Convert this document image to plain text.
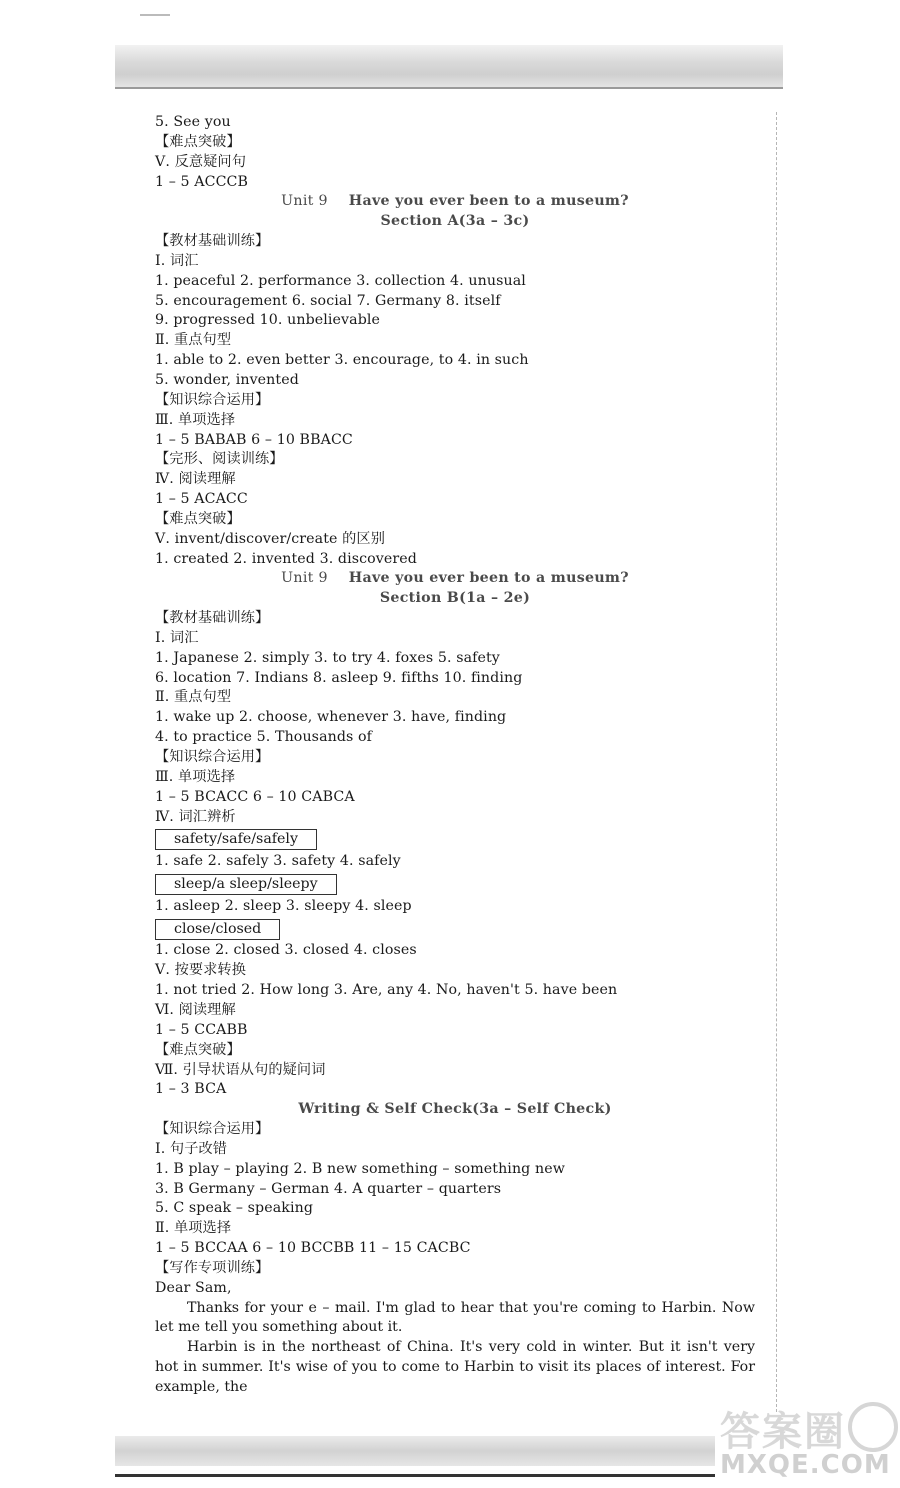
5. See you
【难点突破】
Ⅴ. 反意疑问句
1 – 5 ACCCB
Unit 9 Have you ever been to a museum?
Section A(3a – 3c)
【教材基础训练】
Ⅰ. 词汇
1. peaceful 2. performance 3. collection 4. unusual
5. encouragement 6. social 7. Germany 8. itself
9. progressed 10. unbelievable
Ⅱ. 重点句型
1. able to 2. even better 3. encourage, to 4. in such
5. wonder, invented
【知识综合运用】
Ⅲ. 单项选择
1 – 5 BABAB 6 – 10 BBACC
【完形、阅读训练】
Ⅳ. 阅读理解
1 – 5 ACACC
【难点突破】
Ⅴ. invent/discover/create 的区别
1. created 2. invented 3. discovered
Unit 9 Have you ever been to a museum?
Section B(1a – 2e)
【教材基础训练】
Ⅰ. 词汇
1. Japanese 2. simply 3. to try 4. foxes 5. safety
6. location 7. Indians 8. asleep 9. fifths 10. finding
Ⅱ. 重点句型
1. wake up 2. choose, whenever 3. have, finding
4. to practice 5. Thousands of
【知识综合运用】
Ⅲ. 单项选择
1 – 5 BCACC 6 – 10 CABCA
Ⅳ. 词汇辨析
safety/safe/safely
1. safe 2. safely 3. safety 4. safely
sleep/a sleep/sleepy
1. asleep 2. sleep 3. sleepy 4. sleep
close/closed
1. close 2. closed 3. closed 4. closes
Ⅴ. 按要求转换
1. not tried 2. How long 3. Are, any 4. No, haven't 5. have been
Ⅵ. 阅读理解
1 – 5 CCABB
【难点突破】
Ⅶ. 引导状语从句的疑问词
1 – 3 BCA
Writing & Self Check(3a – Self Check)
【知识综合运用】
Ⅰ. 句子改错
1. B play – playing 2. B new something – something new
3. B Germany – German 4. A quarter – quarters
5. C speak – speaking
Ⅱ. 单项选择
1 – 5 BCCAA 6 – 10 BCCBB 11 – 15 CACBC
【写作专项训练】
Dear Sam,
Thanks for your e – mail. I'm glad to hear that you're coming to Harbin. Now let me tell you something about it.
Harbin is in the northeast of China. It's very cold in winter. But it isn't very hot in summer. It's wise of you to come to Harbin to visit its places of interest. For example, the
答案圈
MXQE.COM
